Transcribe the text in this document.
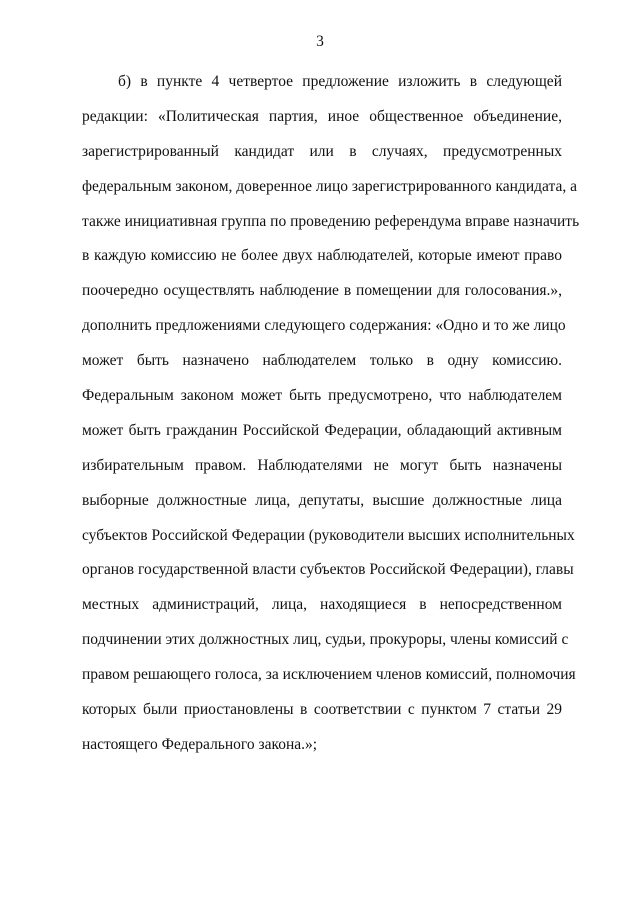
3
б) в пункте 4 четвертое предложение изложить в следующей
редакции: «Политическая партия, иное общественное объединение,
зарегистрированный кандидат или в случаях, предусмотренных
федеральным законом, доверенное лицо зарегистрированного кандидата, а
также инициативная группа по проведению референдума вправе назначить
в каждую комиссию не более двух наблюдателей, которые имеют право
поочередно осуществлять наблюдение в помещении для голосования.»,
дополнить предложениями следующего содержания: «Одно и то же лицо
может быть назначено наблюдателем только в одну комиссию.
Федеральным законом может быть предусмотрено, что наблюдателем
может быть гражданин Российской Федерации, обладающий активным
избирательным правом. Наблюдателями не могут быть назначены
выборные должностные лица, депутаты, высшие должностные лица
субъектов Российской Федерации (руководители высших исполнительных
органов государственной власти субъектов Российской Федерации), главы
местных администраций, лица, находящиеся в непосредственном
подчинении этих должностных лиц, судьи, прокуроры, члены комиссий с
правом решающего голоса, за исключением членов комиссий, полномочия
которых были приостановлены в соответствии с пунктом 7 статьи 29
настоящего Федерального закона.»;
